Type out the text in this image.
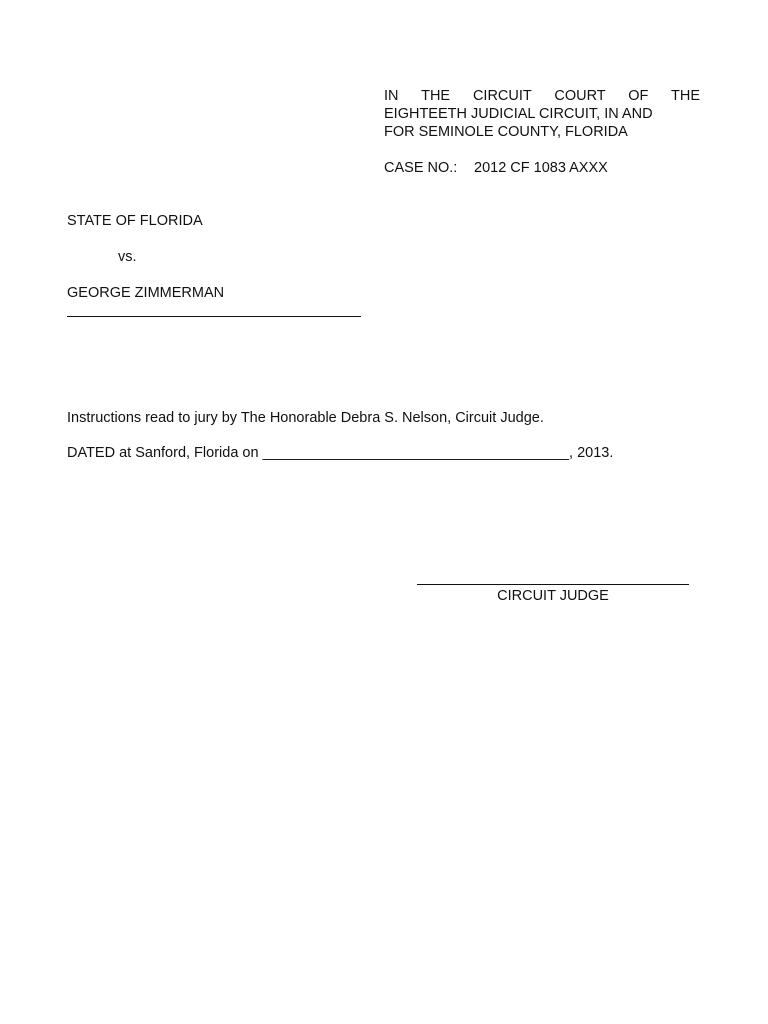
IN THE CIRCUIT COURT OF THE
EIGHTEETH JUDICIAL CIRCUIT, IN AND
FOR SEMINOLE COUNTY, FLORIDA
CASE NO.: 2012 CF 1083 AXXX
STATE OF FLORIDA
vs.
GEORGE ZIMMERMAN
Instructions read to jury by The Honorable Debra S. Nelson, Circuit Judge.
DATED at Sanford, Florida on ______________________________________, 2013.
CIRCUIT JUDGE
